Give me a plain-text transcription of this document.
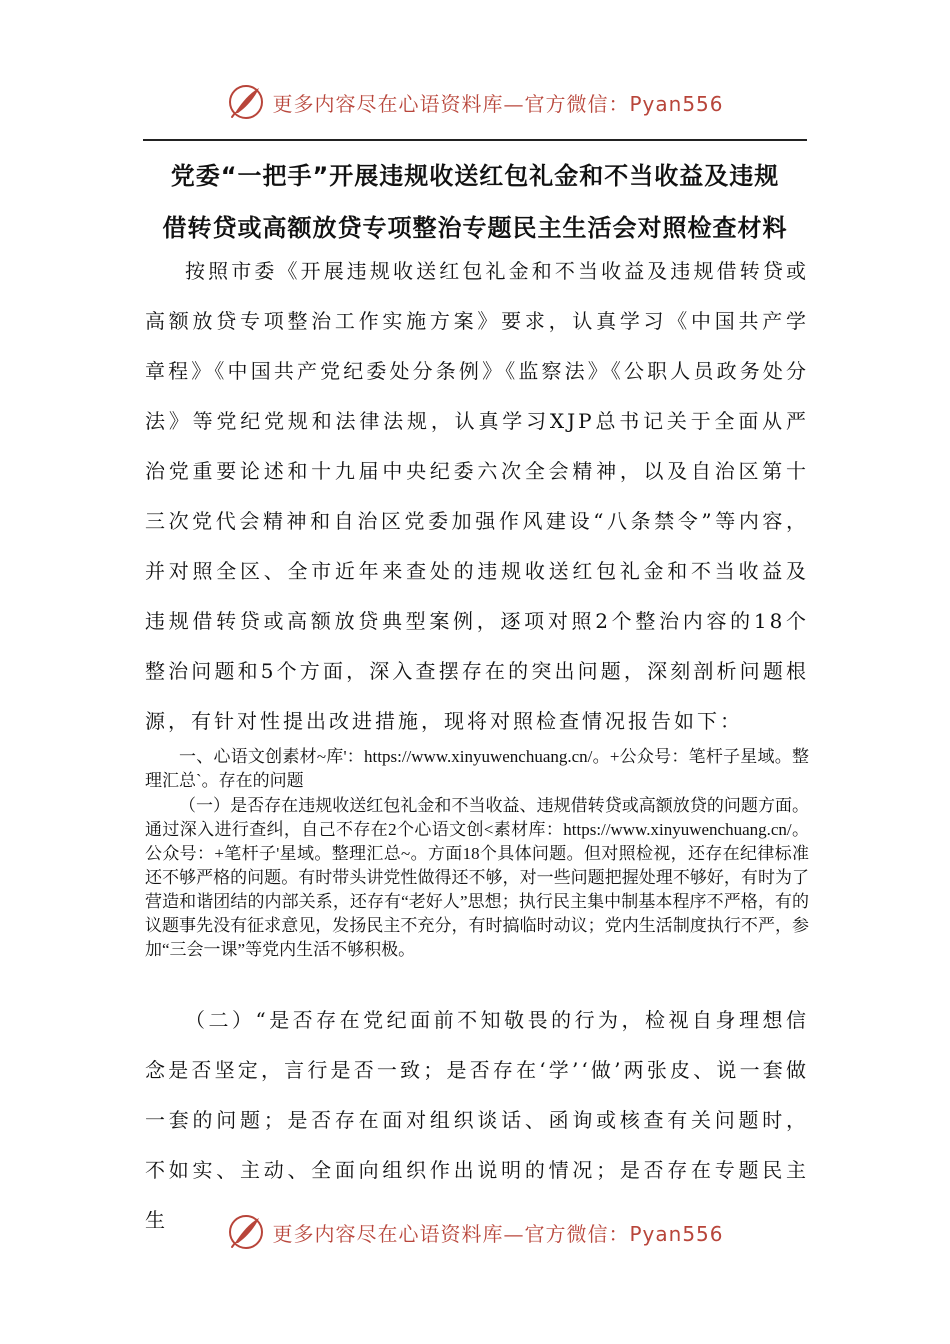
更多内容尽在心语资料库—官方微信：Pyan556
党委“一把手”开展违规收送红包礼金和不当收益及违规
借转贷或高额放贷专项整治专题民主生活会对照检查材料

按照市委《开展违规收送红包礼金和不当收益及违规借转贷或高额放贷专项整治工作实施方案》要求，认真学习《中国共产学章程》《中国共产党纪委处分条例》《监察法》《公职人员政务处分法》等党纪党规和法律法规，认真学习XJP总书记关于全面从严治党重要论述和十九届中央纪委六次全会精神，以及自治区第十三次党代会精神和自治区党委加强作风建设“八条禁令”等内容，并对照全区、全市近年来查处的违规收送红包礼金和不当收益及违规借转贷或高额放贷典型案例，逐项对照2个整治内容的18个整治问题和5个方面，深入查摆存在的突出问题，深刻剖析问题根源，有针对性提出改进措施，现将对照检查情况报告如下：

一、心语文创素材~库'：https://www.xinyuwenchuang.cn/。+公众号：笔杆子星域。整理汇总`。存在的问题

（一）是否存在违规收送红包礼金和不当收益、违规借转贷或高额放贷的问题方面。通过深入进行查纠，自己不存在2个心语文创<素材库：https://www.xinyuwenchuang.cn/。公众号：+笔杆子'星域。整理汇总~。方面18个具体问题。但对照检视，还存在纪律标准还不够严格的问题。有时带头讲党性做得还不够，对一些问题把握处理不够好，有时为了营造和谐团结的内部关系，还存有“老好人”思想；执行民主集中制基本程序不严格，有的议题事先没有征求意见，发扬民主不充分，有时搞临时动议；党内生活制度执行不严，参加“三会一课”等党内生活不够积极。

（二）“是否存在党纪面前不知敬畏的行为，检视自身理想信念是否坚定，言行是否一致；是否存在‘学’‘做’两张皮、说一套做一套的问题；是否存在面对组织谈话、函询或核查有关问题时，不如实、主动、全面向组织作出说明的情况；是否存在专题民主生

更多内容尽在心语资料库—官方微信：Pyan556
